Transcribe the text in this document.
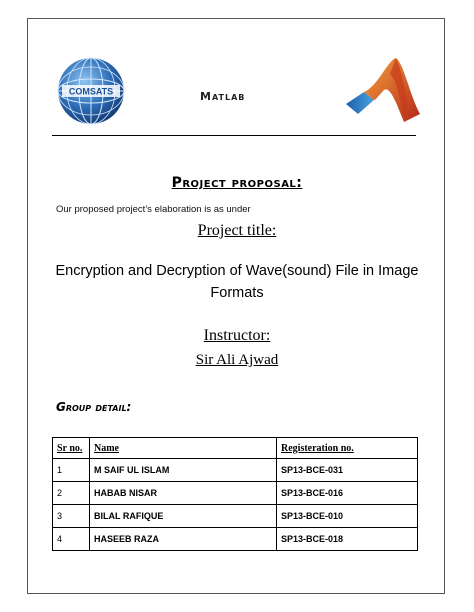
COMSATS	Matlab
Project proposal:
Our proposed project’s elaboration is as under
Project title:
Encryption and Decryption of Wave(sound) File in Image Formats
Instructor:
Sir Ali Ajwad
Group detail:
Sr no.	Name	Registeration no.
1	M SAIF UL ISLAM	SP13-BCE-031
2	HABAB NISAR	SP13-BCE-016
3	BILAL RAFIQUE	SP13-BCE-010
4	HASEEB RAZA	SP13-BCE-018
